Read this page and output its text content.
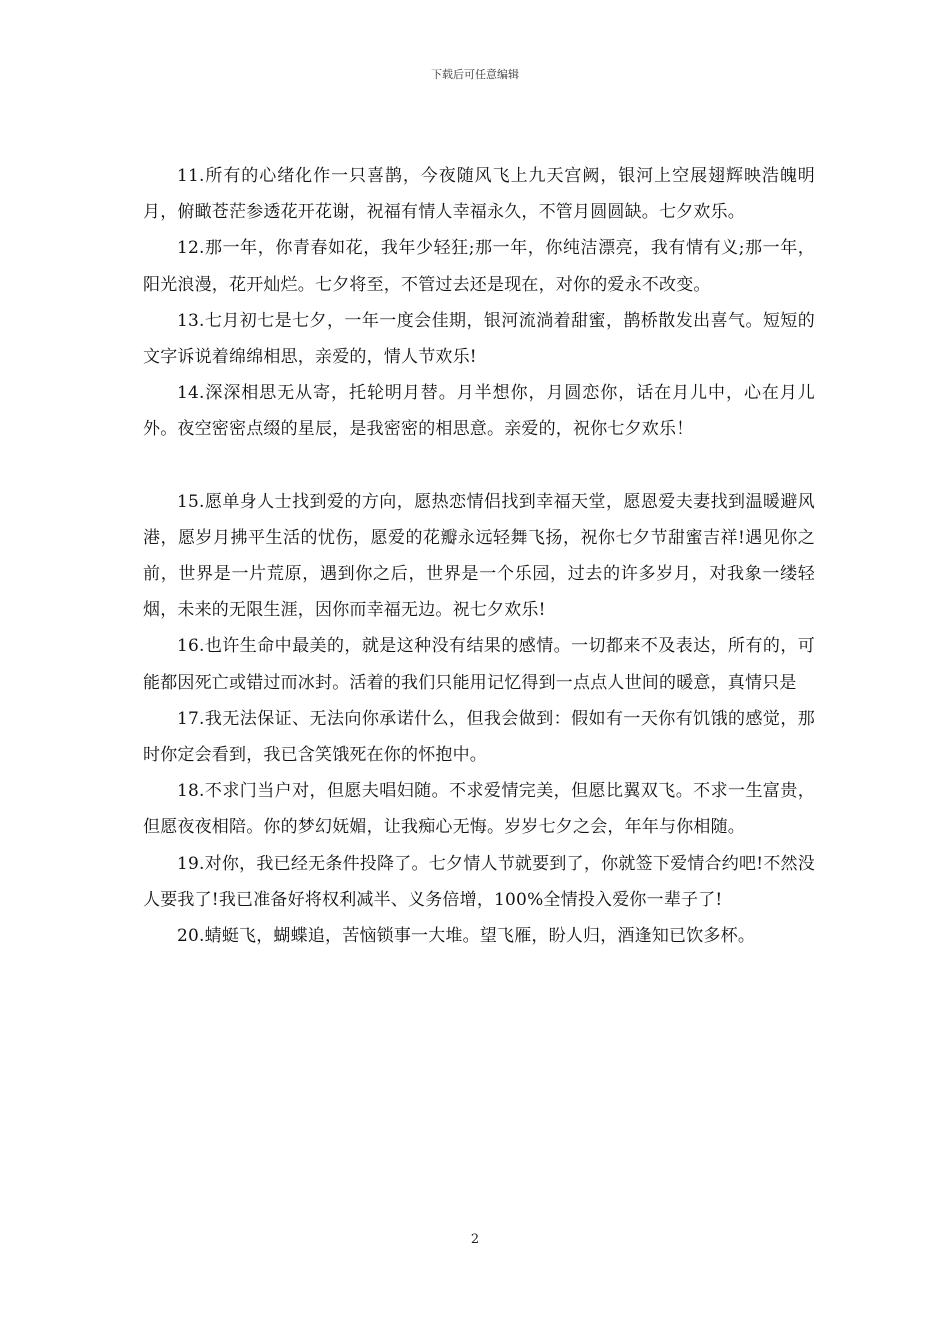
下载后可任意编辑

11.所有的心绪化作一只喜鹊，今夜随风飞上九天宫阙，银河上空展翅辉映浩魄明月，俯瞰苍茫参透花开花谢，祝福有情人幸福永久，不管月圆圆缺。七夕欢乐。

12.那一年，你青春如花，我年少轻狂;那一年，你纯洁漂亮，我有情有义;那一年，阳光浪漫，花开灿烂。七夕将至，不管过去还是现在，对你的爱永不改变。

13.七月初七是七夕，一年一度会佳期，银河流淌着甜蜜，鹊桥散发出喜气。短短的文字诉说着绵绵相思，亲爱的，情人节欢乐!

14.深深相思无从寄，托轮明月替。月半想你，月圆恋你，话在月儿中，心在月儿外。夜空密密点缀的星辰，是我密密的相思意。亲爱的，祝你七夕欢乐！

15.愿单身人士找到爱的方向，愿热恋情侣找到幸福天堂，愿恩爱夫妻找到温暖避风港，愿岁月拂平生活的忧伤，愿爱的花瓣永远轻舞飞扬，祝你七夕节甜蜜吉祥!遇见你之前，世界是一片荒原，遇到你之后，世界是一个乐园，过去的许多岁月，对我象一缕轻烟，未来的无限生涯，因你而幸福无边。祝七夕欢乐!

16.也许生命中最美的，就是这种没有结果的感情。一切都来不及表达，所有的，可能都因死亡或错过而冰封。活着的我们只能用记忆得到一点点人世间的暖意，真情只是

17.我无法保证、无法向你承诺什么，但我会做到：假如有一天你有饥饿的感觉，那时你定会看到，我已含笑饿死在你的怀抱中。

18.不求门当户对，但愿夫唱妇随。不求爱情完美，但愿比翼双飞。不求一生富贵，但愿夜夜相陪。你的梦幻妩媚，让我痴心无悔。岁岁七夕之会，年年与你相随。

19.对你，我已经无条件投降了。七夕情人节就要到了，你就签下爱情合约吧!不然没人要我了!我已准备好将权利减半、义务倍增，100%全情投入爱你一辈子了!

20.蜻蜓飞，蝴蝶追，苦恼锁事一大堆。望飞雁，盼人归，酒逢知已饮多杯。

2
